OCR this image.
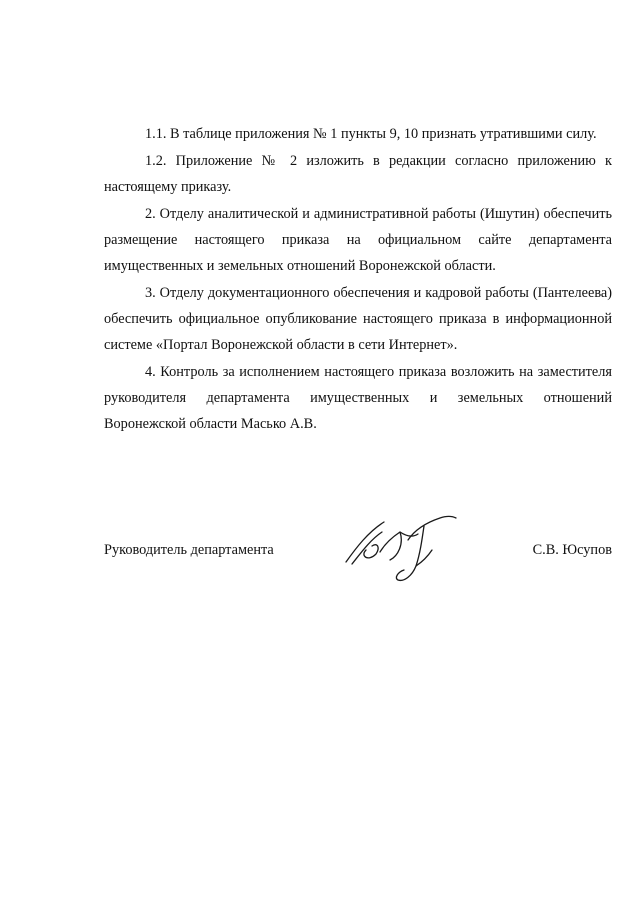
1.1. В таблице приложения № 1 пункты 9, 10 признать утратившими силу.

1.2. Приложение № 2 изложить в редакции согласно приложению к настоящему приказу.

2. Отделу аналитической и административной работы (Ишутин) обеспечить размещение настоящего приказа на официальном сайте департамента имущественных и земельных отношений Воронежской области.

3. Отделу документационного обеспечения и кадровой работы (Пантелеева) обеспечить официальное опубликование настоящего приказа в информационной системе «Портал Воронежской области в сети Интернет».

4. Контроль за исполнением настоящего приказа возложить на заместителя руководителя департамента имущественных и земельных отношений Воронежской области Масько А.В.

Руководитель департамента	С.В. Юсупов
